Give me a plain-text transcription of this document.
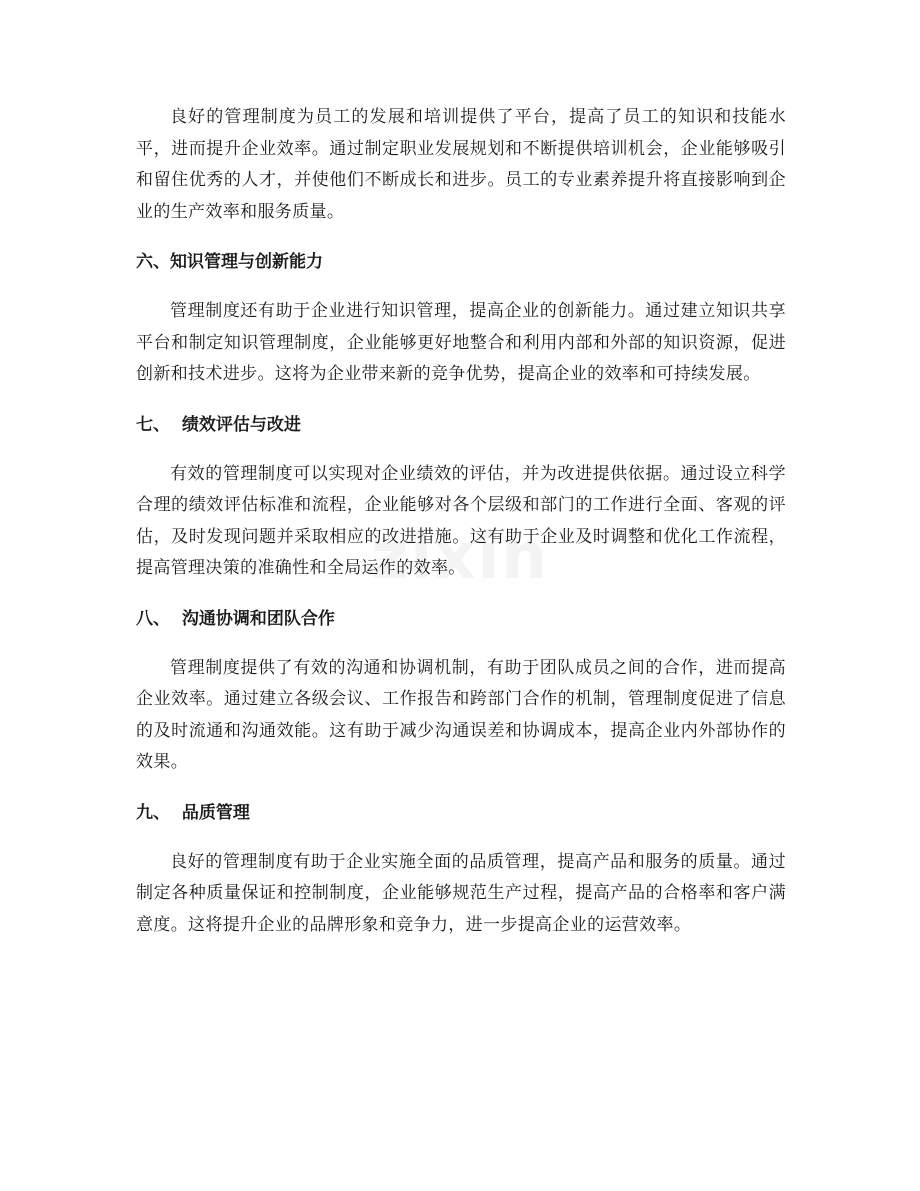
良好的管理制度为员工的发展和培训提供了平台，提高了员工的知识和技能水平，进而提升企业效率。通过制定职业发展规划和不断提供培训机会，企业能够吸引和留住优秀的人才，并使他们不断成长和进步。员工的专业素养提升将直接影响到企业的生产效率和服务质量。

六、知识管理与创新能力

管理制度还有助于企业进行知识管理，提高企业的创新能力。通过建立知识共享平台和制定知识管理制度，企业能够更好地整合和利用内部和外部的知识资源，促进创新和技术进步。这将为企业带来新的竞争优势，提高企业的效率和可持续发展。

七、  绩效评估与改进

有效的管理制度可以实现对企业绩效的评估，并为改进提供依据。通过设立科学合理的绩效评估标准和流程，企业能够对各个层级和部门的工作进行全面、客观的评估，及时发现问题并采取相应的改进措施。这有助于企业及时调整和优化工作流程，提高管理决策的准确性和全局运作的效率。

八、  沟通协调和团队合作

管理制度提供了有效的沟通和协调机制，有助于团队成员之间的合作，进而提高企业效率。通过建立各级会议、工作报告和跨部门合作的机制，管理制度促进了信息的及时流通和沟通效能。这有助于减少沟通误差和协调成本，提高企业内外部协作的效果。

九、  品质管理

良好的管理制度有助于企业实施全面的品质管理，提高产品和服务的质量。通过制定各种质量保证和控制制度，企业能够规范生产过程，提高产品的合格率和客户满意度。这将提升企业的品牌形象和竞争力，进一步提高企业的运营效率。
